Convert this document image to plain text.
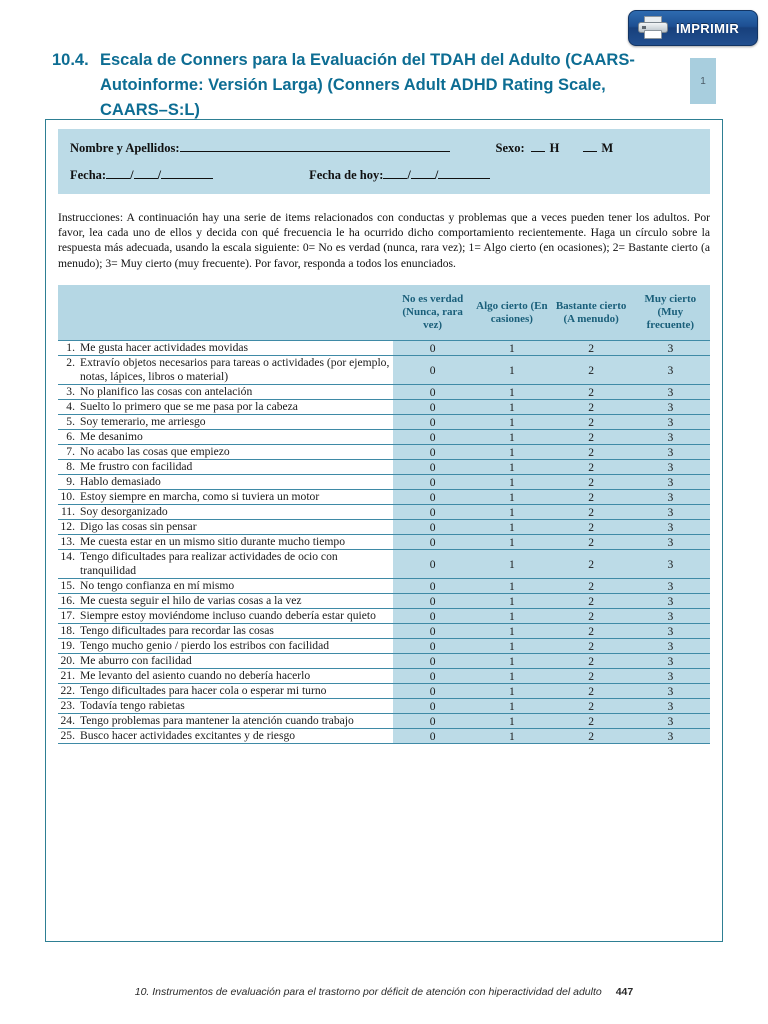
IMPRIMIR
1
10.4. Escala de Conners para la Evaluación del TDAH del Adulto (CAARS-Autoinforme: Versión Larga) (Conners Adult ADHD Rating Scale, CAARS–S:L)
Nombre y Apellidos:	Sexo: H	M
Fecha: / /	Fecha de hoy: / /
Instrucciones: A continuación hay una serie de items relacionados con conductas y problemas que a veces pueden tener los adultos. Por favor, lea cada uno de ellos y decida con qué frecuencia le ha ocurrido dicho comportamiento recientemente. Haga un círculo sobre la respuesta más adecuada, usando la escala siguiente: 0= No es verdad (nunca, rara vez); 1= Algo cierto (en ocasiones); 2= Bastante cierto (a menudo); 3= Muy cierto (muy frecuente). Por favor, responda a todos los enunciados.
	No es verdad (Nunca, rara vez)	Algo cierto (En casiones)	Bastante cierto (A menudo)	Muy cierto (Muy frecuente)

1. Me gusta hacer actividades movidas	0	1	2	3

2. Extravío objetos necesarios para tareas o actividades (por ejemplo, notas, lápices, libros o material)	0	1	2	3

3. No planifico las cosas con antelación	0	1	2	3

4. Suelto lo primero que se me pasa por la cabeza	0	1	2	3

5. Soy temerario, me arriesgo	0	1	2	3

6. Me desanimo	0	1	2	3

7. No acabo las cosas que empiezo	0	1	2	3

8. Me frustro con facilidad	0	1	2	3

9. Hablo demasiado	0	1	2	3

10. Estoy siempre en marcha, como si tuviera un motor	0	1	2	3

11. Soy desorganizado	0	1	2	3

12. Digo las cosas sin pensar	0	1	2	3

13. Me cuesta estar en un mismo sitio durante mucho tiempo	0	1	2	3

14. Tengo dificultades para realizar actividades de ocio con tranquilidad	0	1	2	3

15. No tengo confianza en mí mismo	0	1	2	3

16. Me cuesta seguir el hilo de varias cosas a la vez	0	1	2	3

17. Siempre estoy moviéndome incluso cuando debería estar quieto	0	1	2	3

18. Tengo dificultades para recordar las cosas	0	1	2	3

19. Tengo mucho genio / pierdo los estribos con facilidad	0	1	2	3

20. Me aburro con facilidad	0	1	2	3

21. Me levanto del asiento cuando no debería hacerlo	0	1	2	3

22. Tengo dificultades para hacer cola o esperar mi turno	0	1	2	3

23. Todavía tengo rabietas	0	1	2	3

24. Tengo problemas para mantener la atención cuando trabajo	0	1	2	3

25. Busco hacer actividades excitantes y de riesgo	0	1	2	3
10. Instrumentos de evaluación para el trastorno por déficit de atención con hiperactividad del adulto 447
